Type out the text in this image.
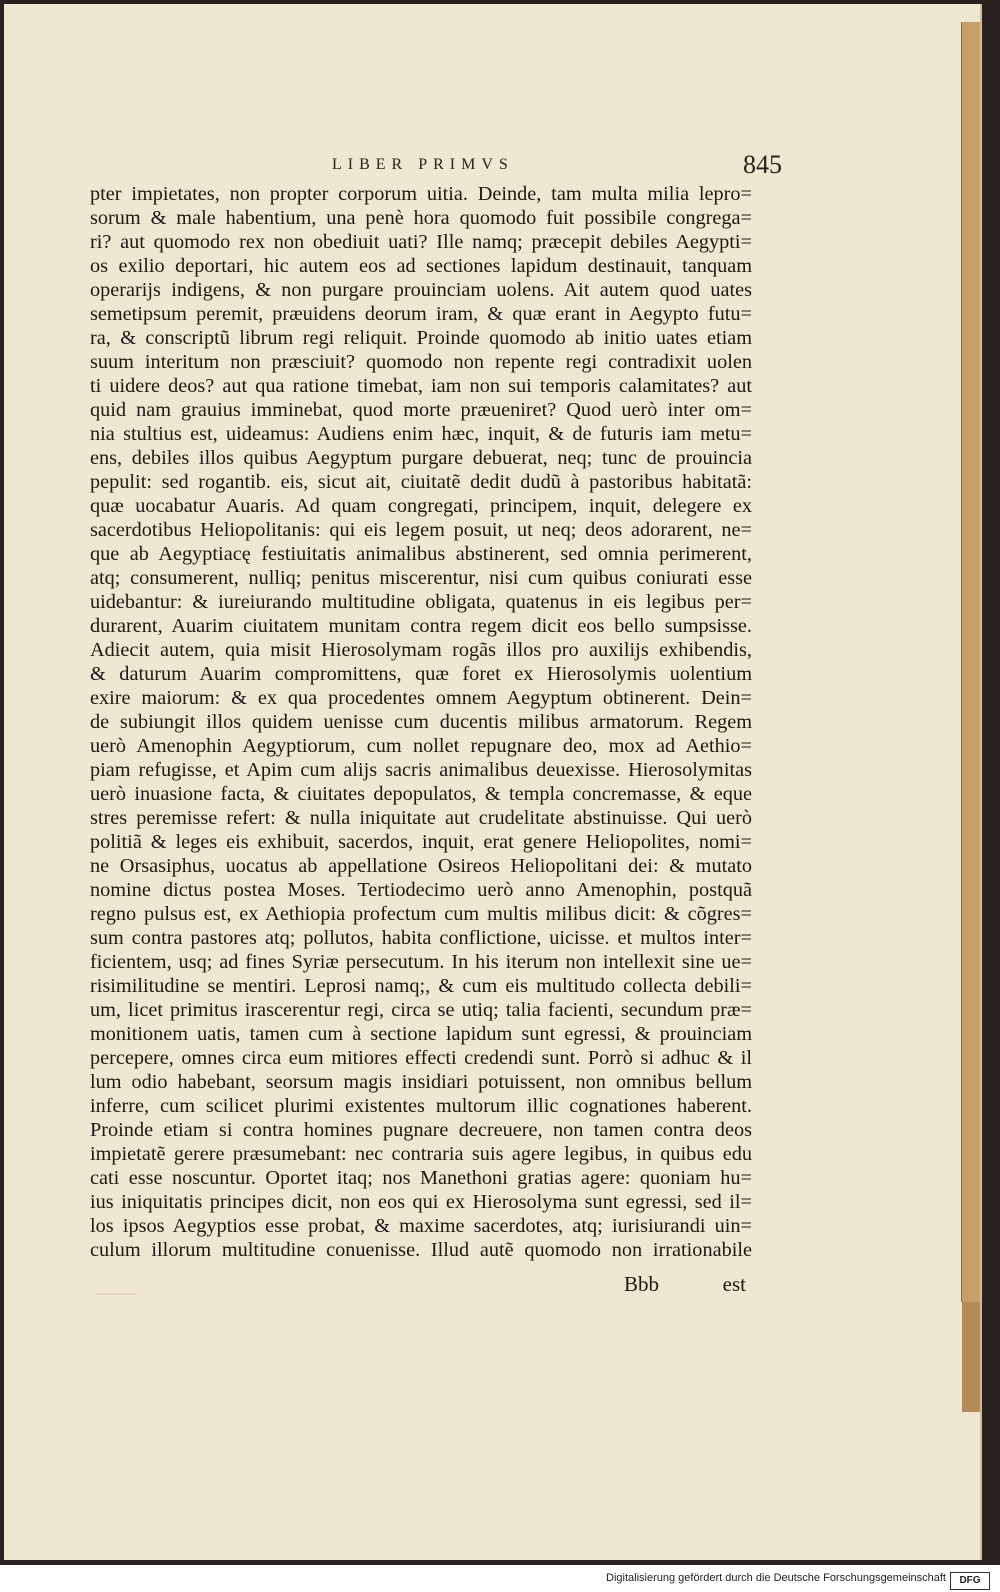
LIBER PRIMVS	845
pter impietates, non propter corporum uitia. Deinde, tam multa milia lepro=
sorum & male habentium, una penè hora quomodo fuit possibile congrega=
ri? aut quomodo rex non obediuit uati? Ille namq; præcepit debiles Aegypti=
os exilio deportari, hic autem eos ad sectiones lapidum destinauit, tanquam
operarijs indigens, & non purgare prouinciam uolens. Ait autem quod uates
semetipsum peremit, præuidens deorum iram, & quæ erant in Aegypto futu=
ra, & conscriptũ librum regi reliquit. Proinde quomodo ab initio uates etiam
suum interitum non præsciuit? quomodo non repente regi contradixit uolen
ti uidere deos? aut qua ratione timebat, iam non sui temporis calamitates? aut
quid nam grauius imminebat, quod morte præueniret? Quod uerò inter om=
nia stultius est, uideamus: Audiens enim hæc, inquit, & de futuris iam metu=
ens, debiles illos quibus Aegyptum purgare debuerat, neq; tunc de prouincia
pepulit: sed rogantib. eis, sicut ait, ciuitatẽ dedit dudũ à pastoribus habitatã:
quæ uocabatur Auaris. Ad quam congregati, principem, inquit, delegere ex
sacerdotibus Heliopolitanis: qui eis legem posuit, ut neq; deos adorarent, ne=
que ab Aegyptiacę festiuitatis animalibus abstinerent, sed omnia perimerent,
atq; consumerent, nulliq; penitus miscerentur, nisi cum quibus coniurati esse
uidebantur: & iureiurando multitudine obligata, quatenus in eis legibus per=
durarent, Auarim ciuitatem munitam contra regem dicit eos bello sumpsisse.
Adiecit autem, quia misit Hierosolymam rogãs illos pro auxilijs exhibendis,
& daturum Auarim compromittens, quæ foret ex Hierosolymis uolentium
exire maiorum: & ex qua procedentes omnem Aegyptum obtinerent. Dein=
de subiungit illos quidem uenisse cum ducentis milibus armatorum. Regem
uerò Amenophin Aegyptiorum, cum nollet repugnare deo, mox ad Aethio=
piam refugisse, et Apim cum alijs sacris animalibus deuexisse. Hierosolymitas
uerò inuasione facta, & ciuitates depopulatos, & templa concremasse, & eque
stres peremisse refert: & nulla iniquitate aut crudelitate abstinuisse. Qui uerò
politiã & leges eis exhibuit, sacerdos, inquit, erat genere Heliopolites, nomi=
ne Orsasiphus, uocatus ab appellatione Osireos Heliopolitani dei: & mutato
nomine dictus postea Moses. Tertiodecimo uerò anno Amenophin, postquã
regno pulsus est, ex Aethiopia profectum cum multis milibus dicit: & cõgres=
sum contra pastores atq; pollutos, habita conflictione, uicisse. et multos inter=
ficientem, usq; ad fines Syriæ persecutum. In his iterum non intellexit sine ue=
risimilitudine se mentiri. Leprosi namq;, & cum eis multitudo collecta debili=
um, licet primitus irascerentur regi, circa se utiq; talia facienti, secundum præ=
monitionem uatis, tamen cum à sectione lapidum sunt egressi, & prouinciam
percepere, omnes circa eum mitiores effecti credendi sunt. Porrò si adhuc & il
lum odio habebant, seorsum magis insidiari potuissent, non omnibus bellum
inferre, cum scilicet plurimi existentes multorum illic cognationes haberent.
Proinde etiam si contra homines pugnare decreuere, non tamen contra deos
impietatẽ gerere præsumebant: nec contraria suis agere legibus, in quibus edu
cati esse noscuntur. Oportet itaq; nos Manethoni gratias agere: quoniam hu=
ius iniquitatis principes dicit, non eos qui ex Hierosolyma sunt egressi, sed il=
los ipsos Aegyptios esse probat, & maxime sacerdotes, atq; iurisiurandi uin=
culum illorum multitudine conuenisse. Illud autẽ quomodo non irrationabile
Bbb	est
Digitalisierung gefördert durch die Deutsche Forschungsgemeinschaft	DFG
